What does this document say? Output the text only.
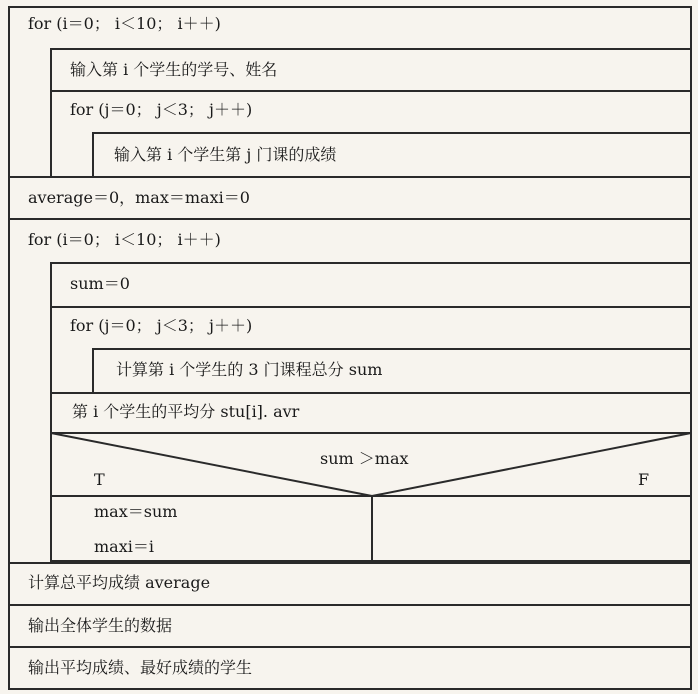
for (i＝0； i＜10； i＋＋)
输入第 i 个学生的学号、姓名
for (j＝0； j＜3； j＋＋)
输入第 i 个学生第 j 门课的成绩
average＝0，max＝maxi＝0
for (i＝0； i＜10； i＋＋)
sum＝0
for (j＝0； j＜3； j＋＋)
计算第 i 个学生的 3 门课程总分 sum
第 i 个学生的平均分 stu[i]. avr
sum ＞max
T	F
max＝sum
maxi＝i
计算总平均成绩 average
输出全体学生的数据
输出平均成绩、最好成绩的学生
